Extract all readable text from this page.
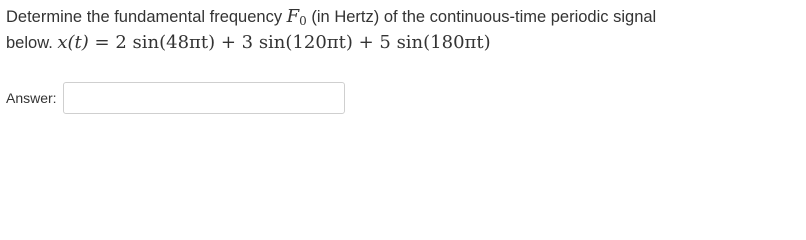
Determine the fundamental frequency $F_0$ (in Hertz) of the continuous-time periodic signal
below. x(t) = 2 sin(48πt) + 3 sin(120πt) + 5 sin(180πt)
Answer:
